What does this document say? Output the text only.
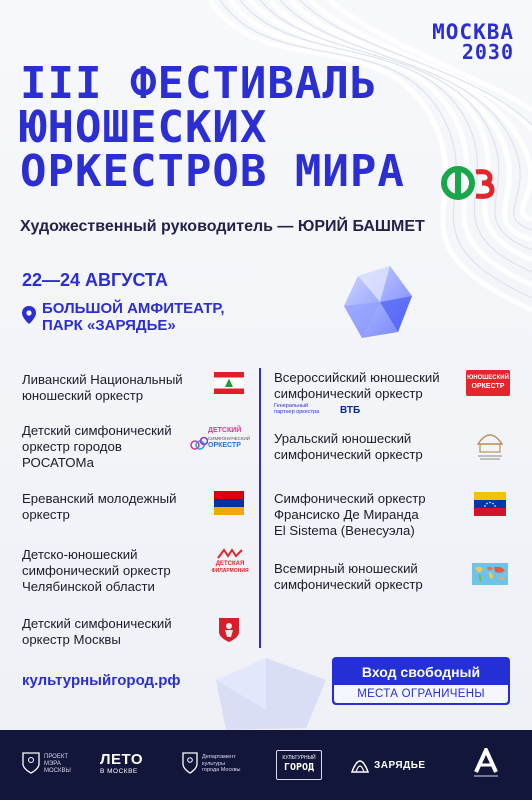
МОСКВА
2030
III ФЕСТИВАЛЬ
ЮНОШЕСКИХ
ОРКЕСТРОВ МИРА
Художественный руководитель — ЮРИЙ БАШМЕТ
22—24 АВГУСТА
БОЛЬШОЙ АМФИТЕАТР,
ПАРК «ЗАРЯДЬЕ»
Ливанский Национальный
юношеский оркестр
Детский симфонический
оркестр городов
РОСАТОМа
ДЕТСКИЙ
СИМФОНИЧЕСКИЙ
ОРКЕСТР
Ереванский молодежный
оркестр
Детско-юношеский
симфонический оркестр
Челябинской области
ДЕТСКАЯ
ФИЛАРМОНИЯ
Детский симфонический
оркестр Москвы
Всероссийский юношеский
симфонический оркестр
ЮНОШЕСКИЙ
ОРКЕСТР
Генеральный
партнер оркестра ВТБ
Уральский юношеский
симфонический оркестр
Симфонический оркестр
Франсиско Де Миранда
El Sistema (Венесуэла)
Всемирный юношеский
симфонический оркестр
культурныйгород.рф	Вход свободный
МЕСТА ОГРАНИЧЕНЫ
ПРОЕКТ
МЭРА
МОСКВЫ
ЛЕТО
В МОСКВЕ
Департамент
культуры
города Москвы
КУЛЬТУРНЫЙ
ГОРОД	ЗАРЯДЬЕ
